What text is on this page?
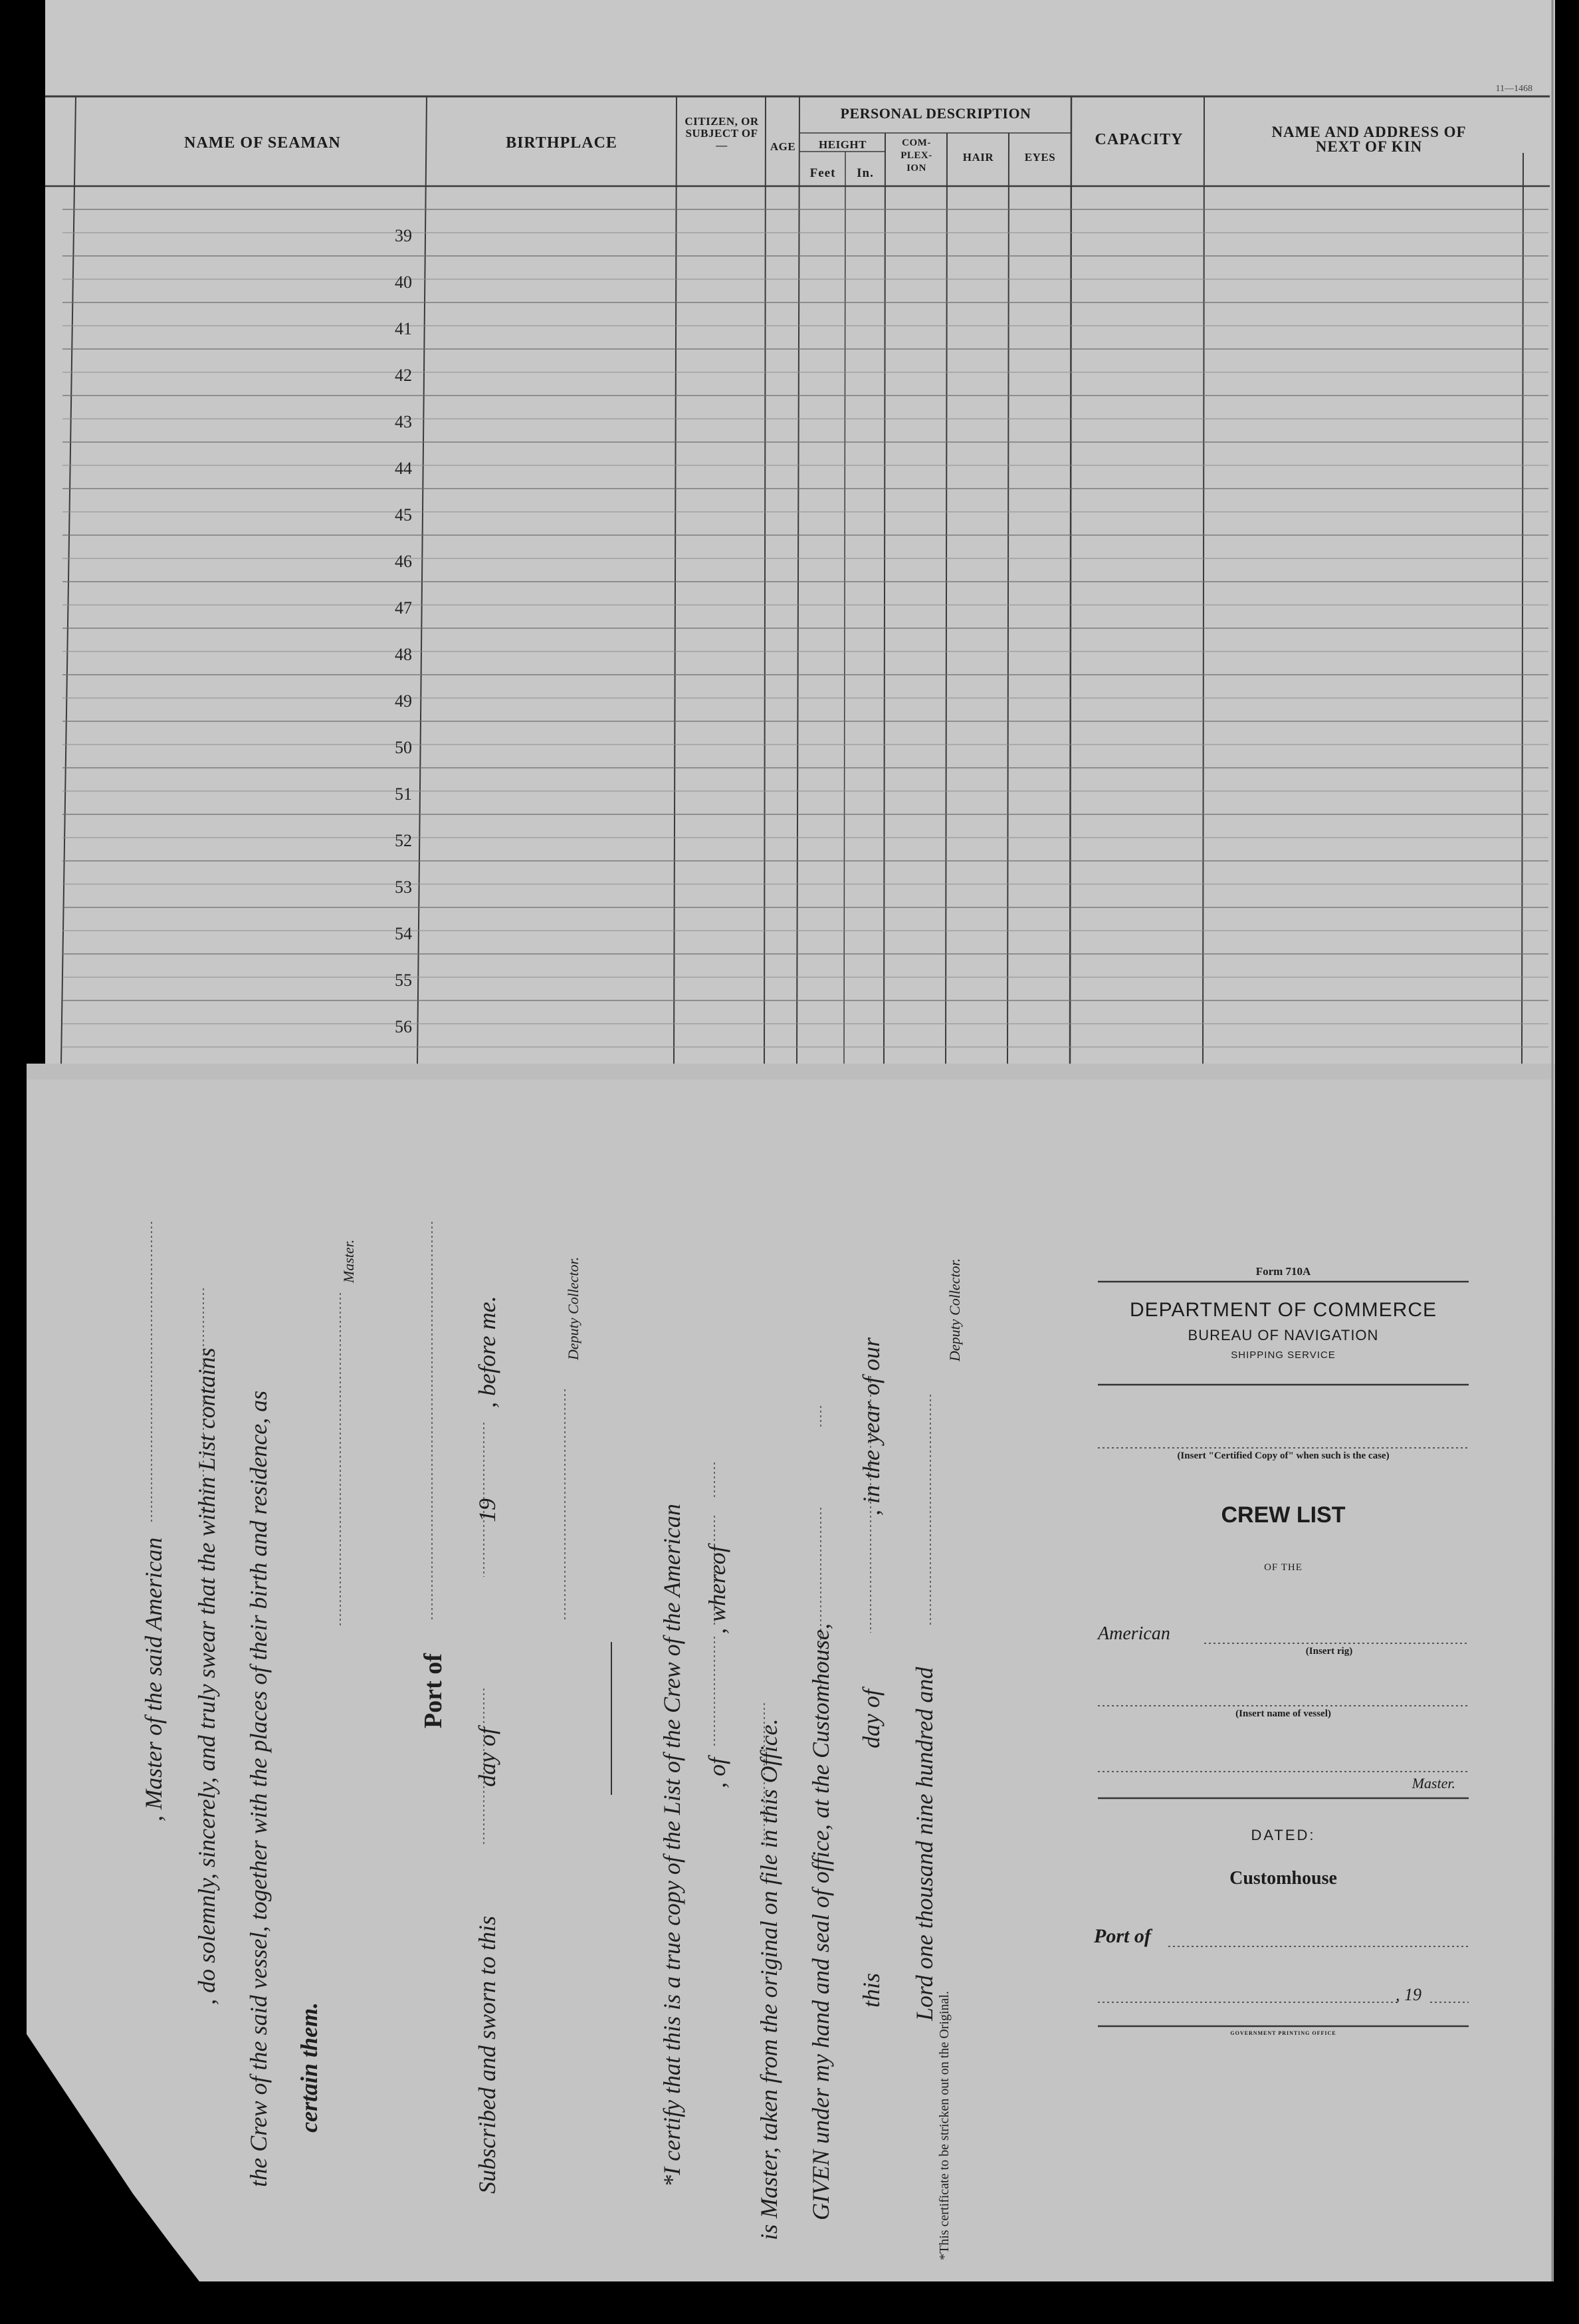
11—1468
NAME OF SEAMAN	BIRTHPLACE
CITIZEN, OR SUBJECT OF—	AGE
PERSONAL DESCRIPTION
HEIGHT
Feet	In.
COM- PLEX- ION
HAIR	EYES
CAPACITY	NAME AND ADDRESS OF NEXT OF KIN
39
40
41
42
43
44
45
46
47
48
49
50
51
52
53
54
55
56
, Master of the said American , do solemnly, sincerely, and truly swear that the within List contains the Crew of the said vessel, together with the places of their birth and residence, as certain them.
Master.
Port of
Subscribed and sworn to this
day of
19
, before me.	Deputy Collector.
*I certify that this is a true copy of the List of the Crew of the American , of
, whereof
is Master, taken from the original on file in this Office. GIVEN under my hand and seal of office, at the Customhouse, this
day of
, in the year of our
Lord one thousand nine hundred and
Deputy Collector.
*This certificate to be stricken out on the Original.
Form 710A
DEPARTMENT OF COMMERCE
BUREAU OF NAVIGATION
SHIPPING SERVICE
(Insert "Certified Copy of" when such is the case)
CREW LIST
OF THE
American
(Insert rig)
(Insert name of vessel)
Master.
DATED:
Customhouse
Port of
, 19
GOVERNMENT PRINTING OFFICE
